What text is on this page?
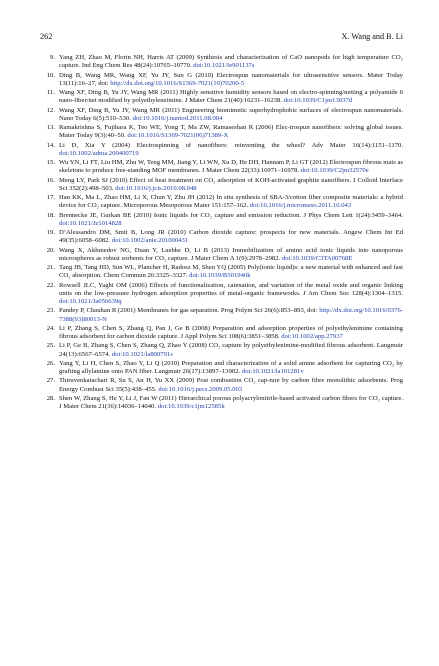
262	X. Wang and B. Li
9. Yang ZH, Zhao M, Florin NH, Harris AT (2009) Synthesis and characterization of CaO nanopods for high temperature CO₂ capture. Ind Eng Chem Res 48(24):10765–10770. doi:10.1021/Ie901137s
10. Ding B, Wang MR, Wang XF, Yu JY, Sun G (2010) Electrospun nanomaterials for ultrasensitive sensors. Mater Today 13(11):16–27, doi: http://dx.doi.org/10.1016/S1369-7021(10)70200-5
11. Wang XF, Ding B, Yu JY, Wang MR (2011) Highly sensitive humidity sensors based on electro-spinning/netting a polyamide 6 nano-fiber/net modified by polyethyleneimine. J Mater Chem 21(40):16231–16238. doi:10.1039/C1jm13037d
12. Wang XF, Ding B, Yu JY, Wang MR (2011) Engineering biomimetic superhydrophobic surfaces of electrospun nanomaterials. Nano Today 6(5):510–530. doi:10.1016/j.nantod.2011.08.004
13. Ramakrishna S, Fujihara K, Teo WE, Yong T, Ma ZW, Ramaseshan R (2006) Elec-trospun nanofibers: solving global issues. Mater Today 9(3):40–50. doi:10.1016/S1369-7021(06)71389-X
14. Li D, Xia Y (2004) Electrospinning of nanofibers: reinventing the wheel? Adv Mater 16(14):1151–1170. doi:10.1002/adma.200400719
15. Wu YN, Li FT, Liu HM, Zhu W, Teng MM, Jiang Y, Li WN, Xu D, He DH, Hannam P, Li GT (2012) Electrospun fibrous mats as skeletons to produce free-standing MOF membranes. J Mater Chem 22(33):16971–16978. doi:10.1039/C2jm32570e
16. Meng LY, Park SJ (2010) Effect of heat treatment on CO₂ adsorption of KOH-activated graphite nanofibers. J Colloid Interface Sci 352(2):498–503. doi:10.1016/j.jcis.2010.08.048
17. Han KK, Ma L, Zhao HM, Li X, Chun Y, Zhu JH (2012) In situ synthesis of SBA-3/cotton fiber composite materials: a hybrid device for CO₂ capture. Microporous Mesoporous Mater 151:157–162. doi:10.1016/j.micromeso.2011.10.043
18. Brennecke JE, Gurkan BE (2010) Ionic liquids for CO₂ capture and emission reduction. J Phys Chem Lett 1(24):3459–3464. doi:10.1021/Jz1014828
19. D’Alessandro DM, Smit B, Long JR (2010) Carbon dioxide capture: prospects for new materials. Angew Chem Int Ed 49(35):6058–6082. doi:10.1002/anie.201000431
20. Wang X, Akhmedov NG, Duan Y, Luebke D, Li B (2013) Immobilization of amino acid ionic liquids into nanoporous microspheres as robust sorbents for CO₂ capture. J Mater Chem A 1(9):2978–2982. doi:10.1039/C3TA00768E
21. Tang JB, Tang HD, Sun WL, Plancher H, Radosz M, Shen YQ (2005) Poly(ionic liquid)s: a new material with enhanced and fast CO₂ absorption. Chem Commun 26:3325–3327. doi:10.1039/B501940k
22. Rowsell JLC, Yaghi OM (2006) Effects of functionalization, catenation, and variation of the metal oxide and organic linking units on the low-pressure hydrogen adsorption properties of metal-organic frameworks. J Am Chem Soc 128(4):1304–1315. doi:10.1021/Ja056639q
23. Pandey P, Chauhan R (2001) Membranes for gas separation. Prog Polym Sci 26(6):853–893, doi: http://dx.doi.org/10.1016/0376-7388(93)80013-N
24. Li P, Zhang S, Chen S, Zhang Q, Pan J, Ge B (2008) Preparation and adsorption properties of polyethylenimine containing fibrous adsorbent for carbon dioxide capture. J Appl Polym Sci 108(6):3851–3858. doi:10.1002/app.27937
25. Li P, Ge B, Zhang S, Chen S, Zhang Q, Zhao Y (2008) CO₂ capture by polyethylenimine-modified fibrous adsorbent. Langmuir 24(13):6567–6574. doi:10.1021/la800791s
26. Yang Y, Li H, Chen S, Zhao Y, Li Q (2010) Preparation and characterization of a solid amine adsorbent for capturing CO₂ by grafting allylamine onto PAN fiber. Langmuir 26(17):13897–13902. doi:10.1021/la101281v
27. Thiruvenkatachari R, Su S, An H, Yu XX (2009) Post combustion CO₂ cap-ture by carbon fibre monolithic adsorbents. Prog Energy Combust Sci 35(5):438–455. doi:10.1016/j.pecs.2009.05.003
28. Shen W, Zhang S, He Y, Li J, Fan W (2011) Hierarchical porous polyacrylonitrile-based activated carbon fibers for CO₂ capture. J Mater Chem 21(36):14036–14040. doi:10.1039/c1jm12585k
